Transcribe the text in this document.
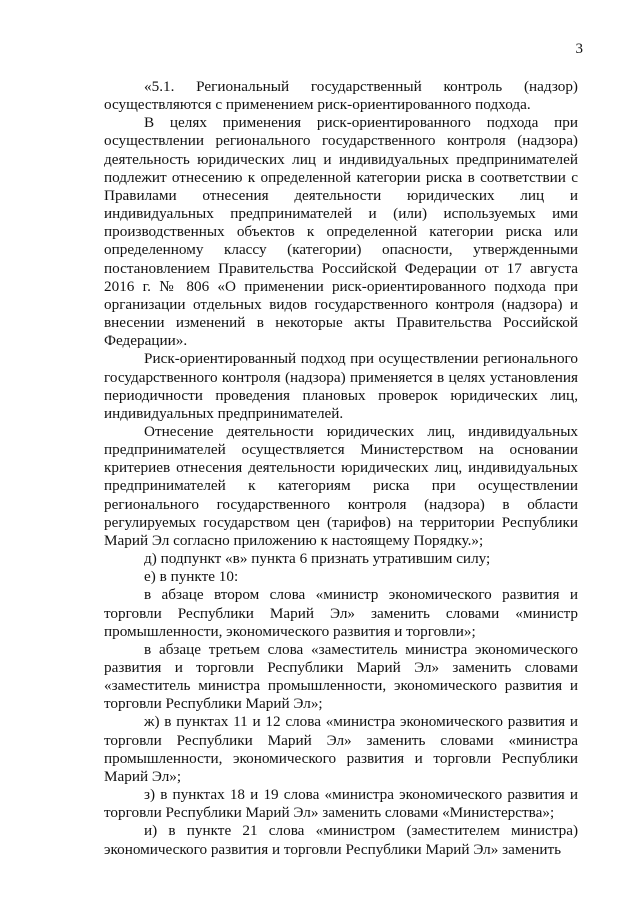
3

«5.1. Региональный государственный контроль (надзор) осуществляются с применением риск-ориентированного подхода.

В целях применения риск-ориентированного подхода при осуществлении регионального государственного контроля (надзора) деятельность юридических лиц и индивидуальных предпринимателей подлежит отнесению к определенной категории риска в соответствии с Правилами отнесения деятельности юридических лиц и индивидуальных предпринимателей и (или) используемых ими производственных объектов к определенной категории риска или определенному классу (категории) опасности, утвержденными постановлением Правительства Российской Федерации от 17 августа 2016 г. № 806 «О применении риск-ориентированного подхода при организации отдельных видов государственного контроля (надзора) и внесении изменений в некоторые акты Правительства Российской Федерации».

Риск-ориентированный подход при осуществлении регионального государственного контроля (надзора) применяется в целях установления периодичности проведения плановых проверок юридических лиц, индивидуальных предпринимателей.

Отнесение деятельности юридических лиц, индивидуальных предпринимателей осуществляется Министерством на основании критериев отнесения деятельности юридических лиц, индивидуальных предпринимателей к категориям риска при осуществлении регионального государственного контроля (надзора) в области регулируемых государством цен (тарифов) на территории Республики Марий Эл согласно приложению к настоящему Порядку.»;

д) подпункт «в» пункта 6 признать утратившим силу;

е) в пункте 10:

в абзаце втором слова «министр экономического развития и торговли Республики Марий Эл» заменить словами «министр промышленности, экономического развития и торговли»;

в абзаце третьем слова «заместитель министра экономического развития и торговли Республики Марий Эл» заменить словами «заместитель министра промышленности, экономического развития и торговли Республики Марий Эл»;

ж) в пунктах 11 и 12 слова «министра экономического развития и торговли Республики Марий Эл» заменить словами «министра промышленности, экономического развития и торговли Республики Марий Эл»;

з) в пунктах 18 и 19 слова «министра экономического развития и торговли Республики Марий Эл» заменить словами «Министерства»;

и) в пункте 21 слова «министром (заместителем министра) экономического развития и торговли Республики Марий Эл» заменить
